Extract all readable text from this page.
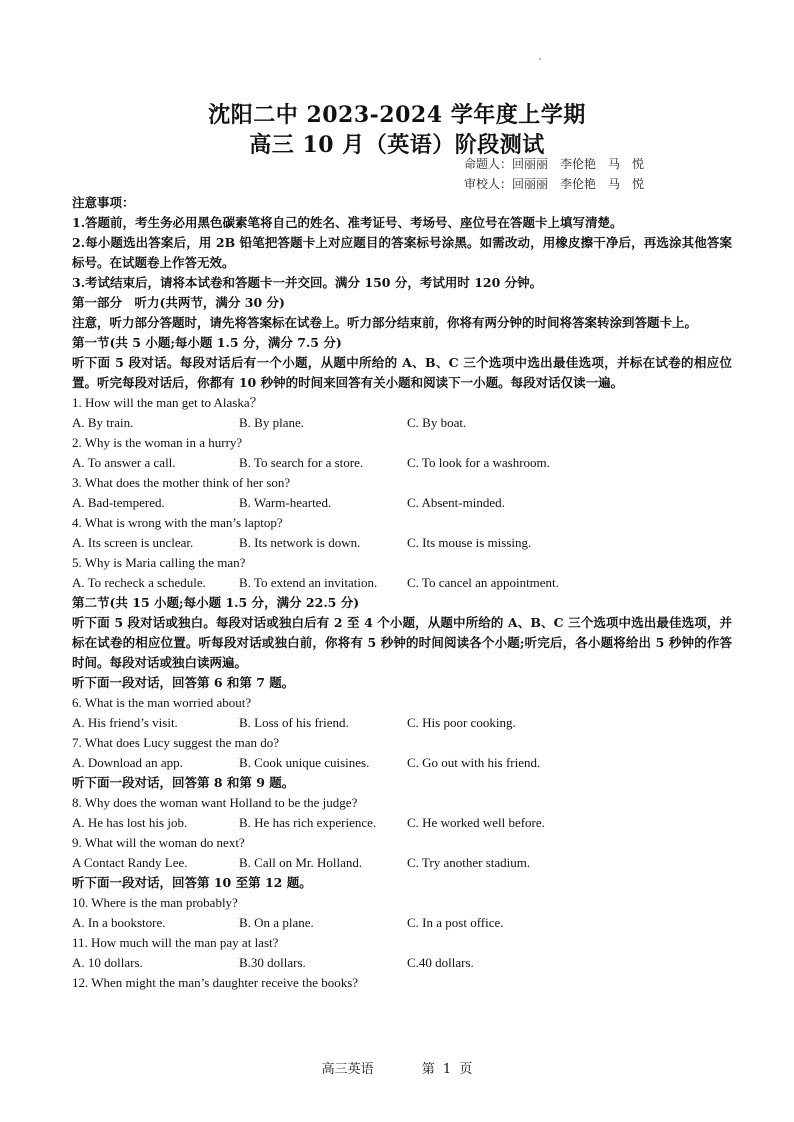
沈阳二中 2023-2024 学年度上学期
高三 10 月（英语）阶段测试
命题人：回丽丽　李伦艳　马　悦
审校人：回丽丽　李伦艳　马　悦
注意事项：
1.答题前，考生务必用黑色碳素笔将自己的姓名、准考证号、考场号、座位号在答题卡上填写清楚。

2.每小题选出答案后，用 2B 铅笔把答题卡上对应题目的答案标号涂黑。如需改动，用橡皮擦干净后，再选涂其他答案标号。在试题卷上作答无效。

3.考试结束后，请将本试卷和答题卡一并交回。满分 150 分，考试用时 120 分钟。
第一部分　听力(共两节，满分 30 分)

注意，听力部分答题时，请先将答案标在试卷上。听力部分结束前，你将有两分钟的时间将答案转涂到答题卡上。

第一节(共 5 小题;每小题 1.5 分，满分 7.5 分)

听下面 5 段对话。每段对话后有一个小题，从题中所给的 A、B、C 三个选项中选出最佳选项，并标在试卷的相应位置。听完每段对话后，你都有 10 秒钟的时间来回答有关小题和阅读下一小题。每段对话仅读一遍。

1. How will the man get to Alaska？
A. By train.	B. By plane.	C. By boat.
2. Why is the woman in a hurry?
A. To answer a call.	B. To search for a store.	C. To look for a washroom.
3. What does the mother think of her son?
A. Bad-tempered.	B. Warm-hearted.	C. Absent-minded.
4. What is wrong with the man’s laptop?
A. Its screen is unclear.	B. Its network is down.	C. Its mouse is missing.
5. Why is Maria calling the man?
A. To recheck a schedule.	B. To extend an invitation.	C. To cancel an appointment.
第二节(共 15 小题;每小题 1.5 分，满分 22.5 分)

听下面 5 段对话或独白。每段对话或独白后有 2 至 4 个小题，从题中所给的 A、B、C 三个选项中选出最佳选项，并标在试卷的相应位置。听每段对话或独白前，你将有 5 秒钟的时间阅读各个小题;听完后，各小题将给出 5 秒钟的作答时间。每段对话或独白读两遍。

听下面一段对话，回答第 6 和第 7 题。
6. What is the man worried about?
A. His friend’s visit.	B. Loss of his friend.	C. His poor cooking.
7. What does Lucy suggest the man do?
A. Download an app.	B. Cook unique cuisines.	C. Go out with his friend.
听下面一段对话，回答第 8 和第 9 题。
8. Why does the woman want Holland to be the judge?
A. He has lost his job.	B. He has rich experience.	C. He worked well before.
9. What will the woman do next?
A Contact Randy Lee.	B. Call on Mr. Holland.	C. Try another stadium.
听下面一段对话，回答第 10 至第 12 题。
10. Where is the man probably?
A. In a bookstore.	B. On a plane.	C. In a post office.
11. How much will the man pay at last?
A. 10 dollars.	B.30 dollars.	C.40 dollars.
12. When might the man’s daughter receive the books?
高三英语	第 1 页
